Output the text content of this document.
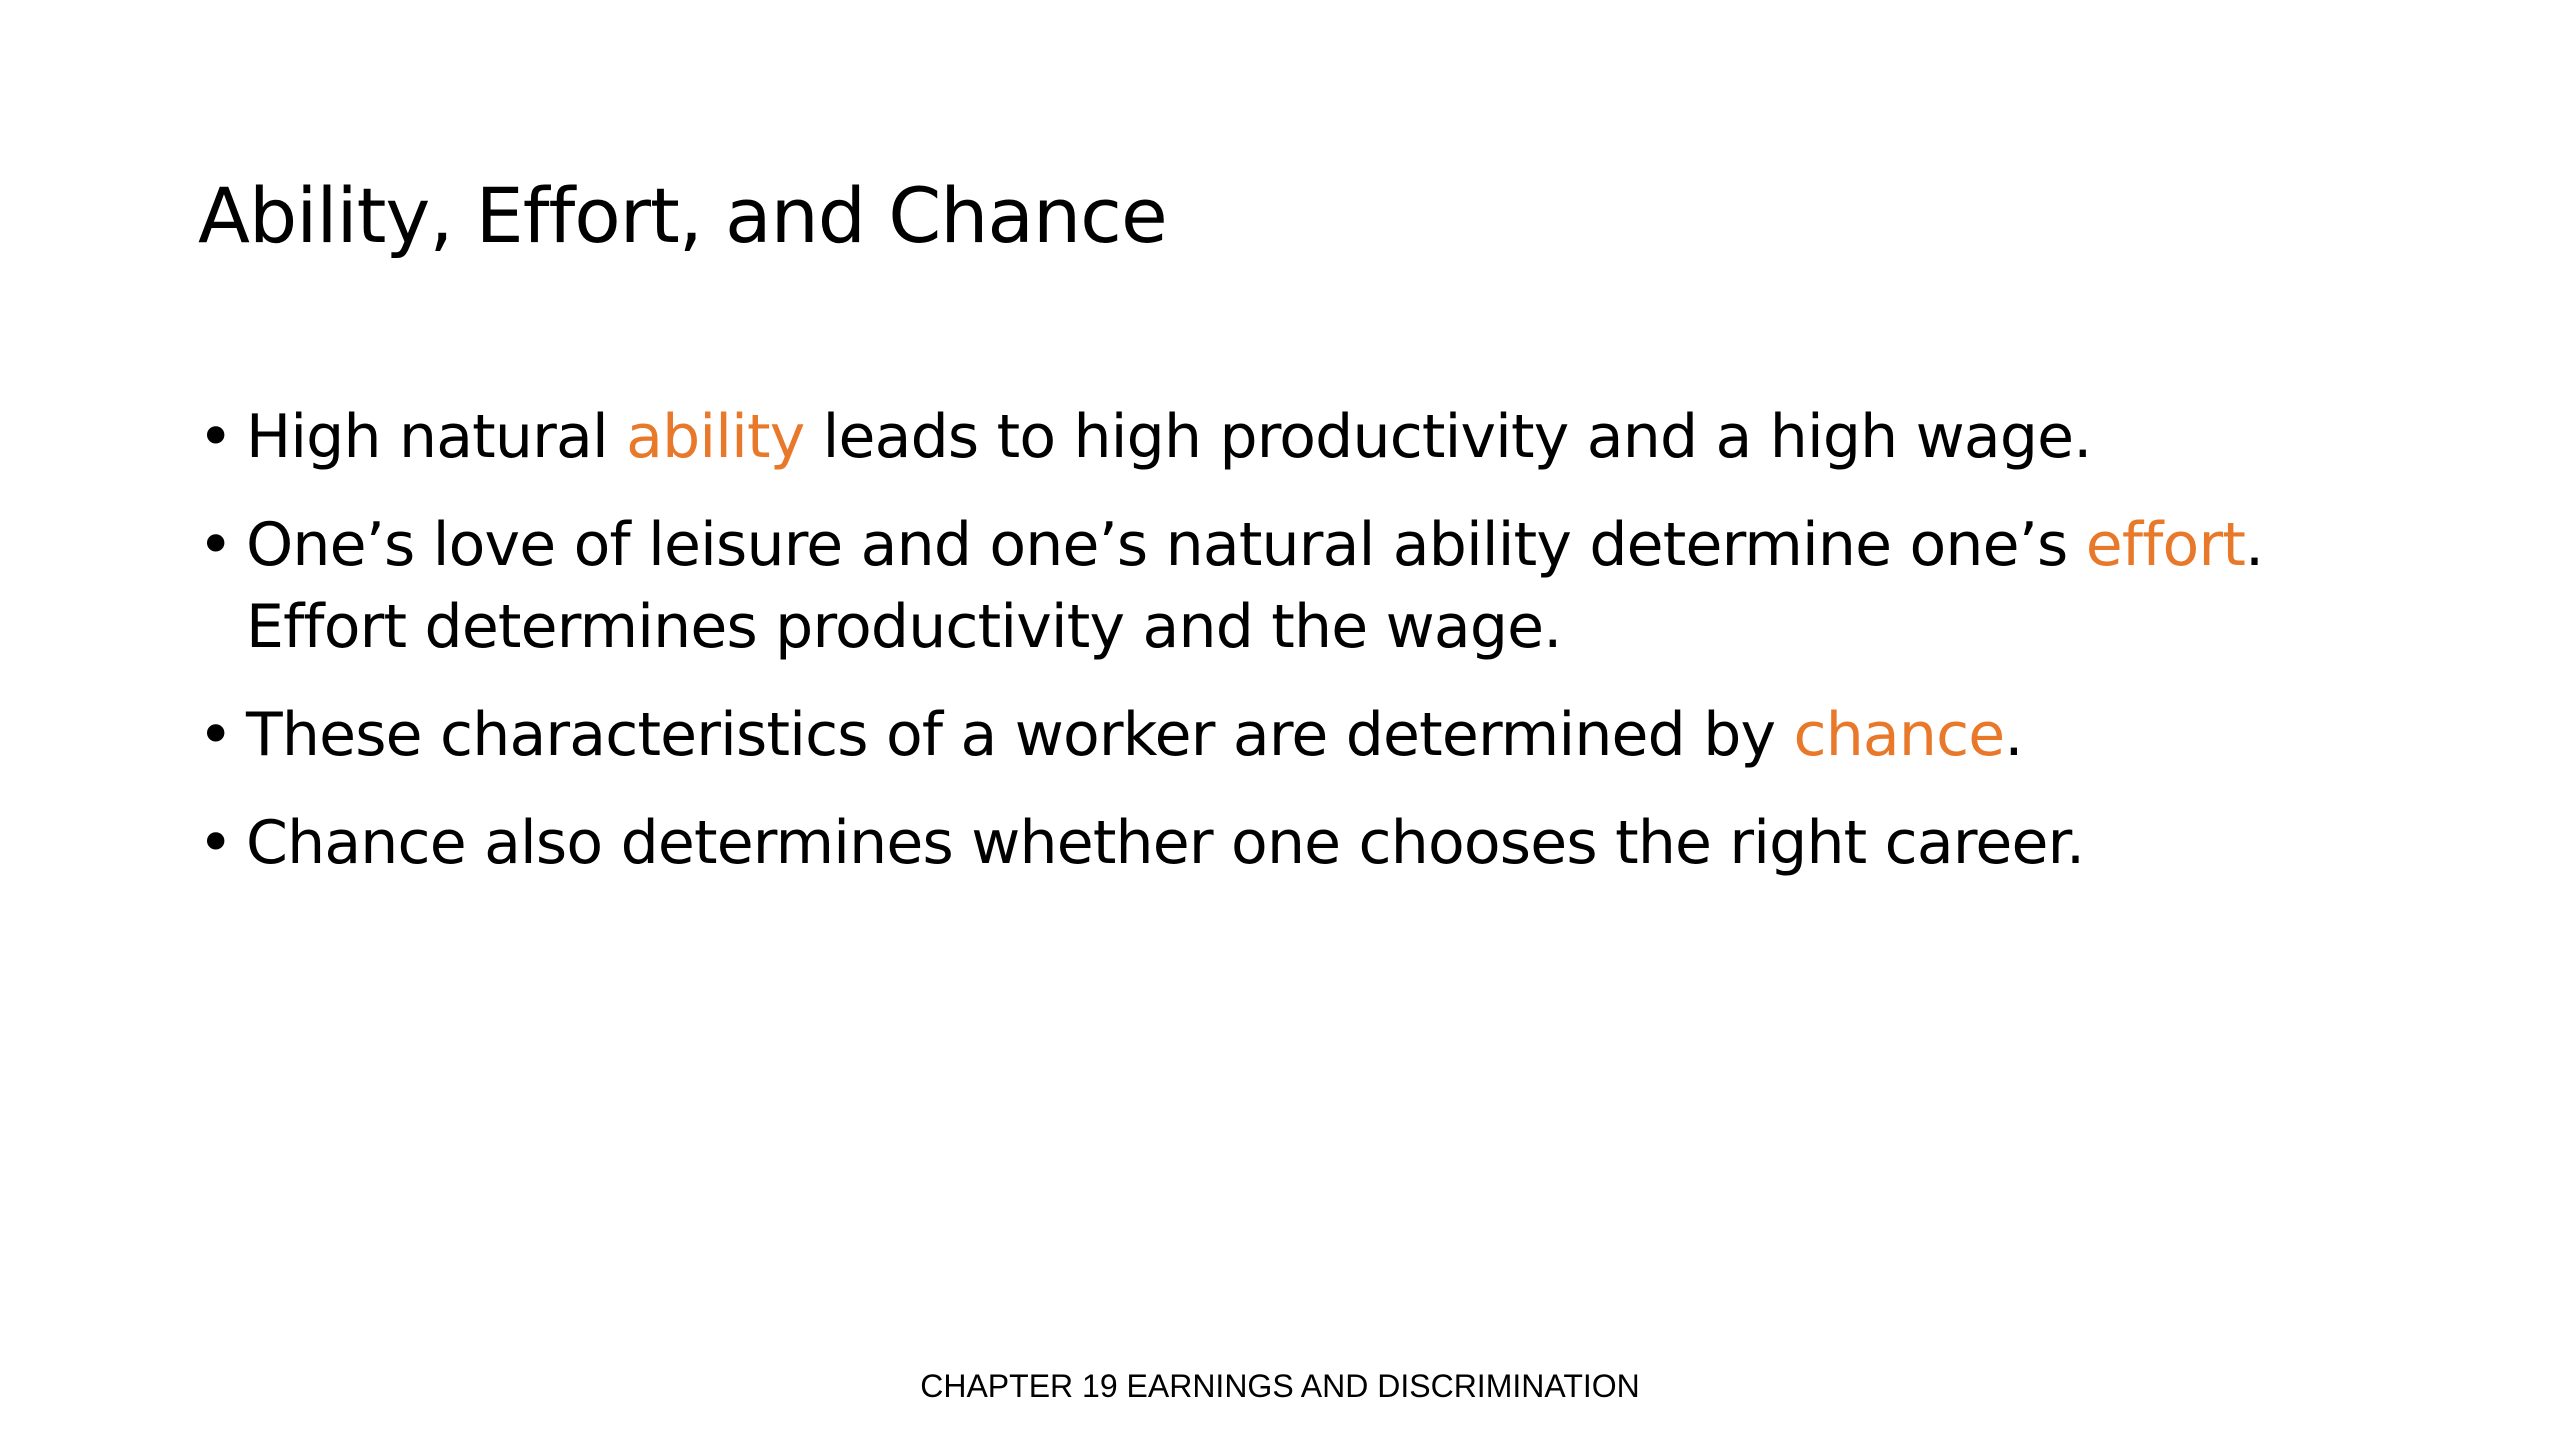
Ability, Effort, and Chance
• High natural ability leads to high productivity and a high wage.
• One’s love of leisure and one’s natural ability determine one’s effort. Effort determines productivity and the wage.
• These characteristics of a worker are determined by chance.
• Chance also determines whether one chooses the right career.
CHAPTER 19 EARNINGS AND DISCRIMINATION
